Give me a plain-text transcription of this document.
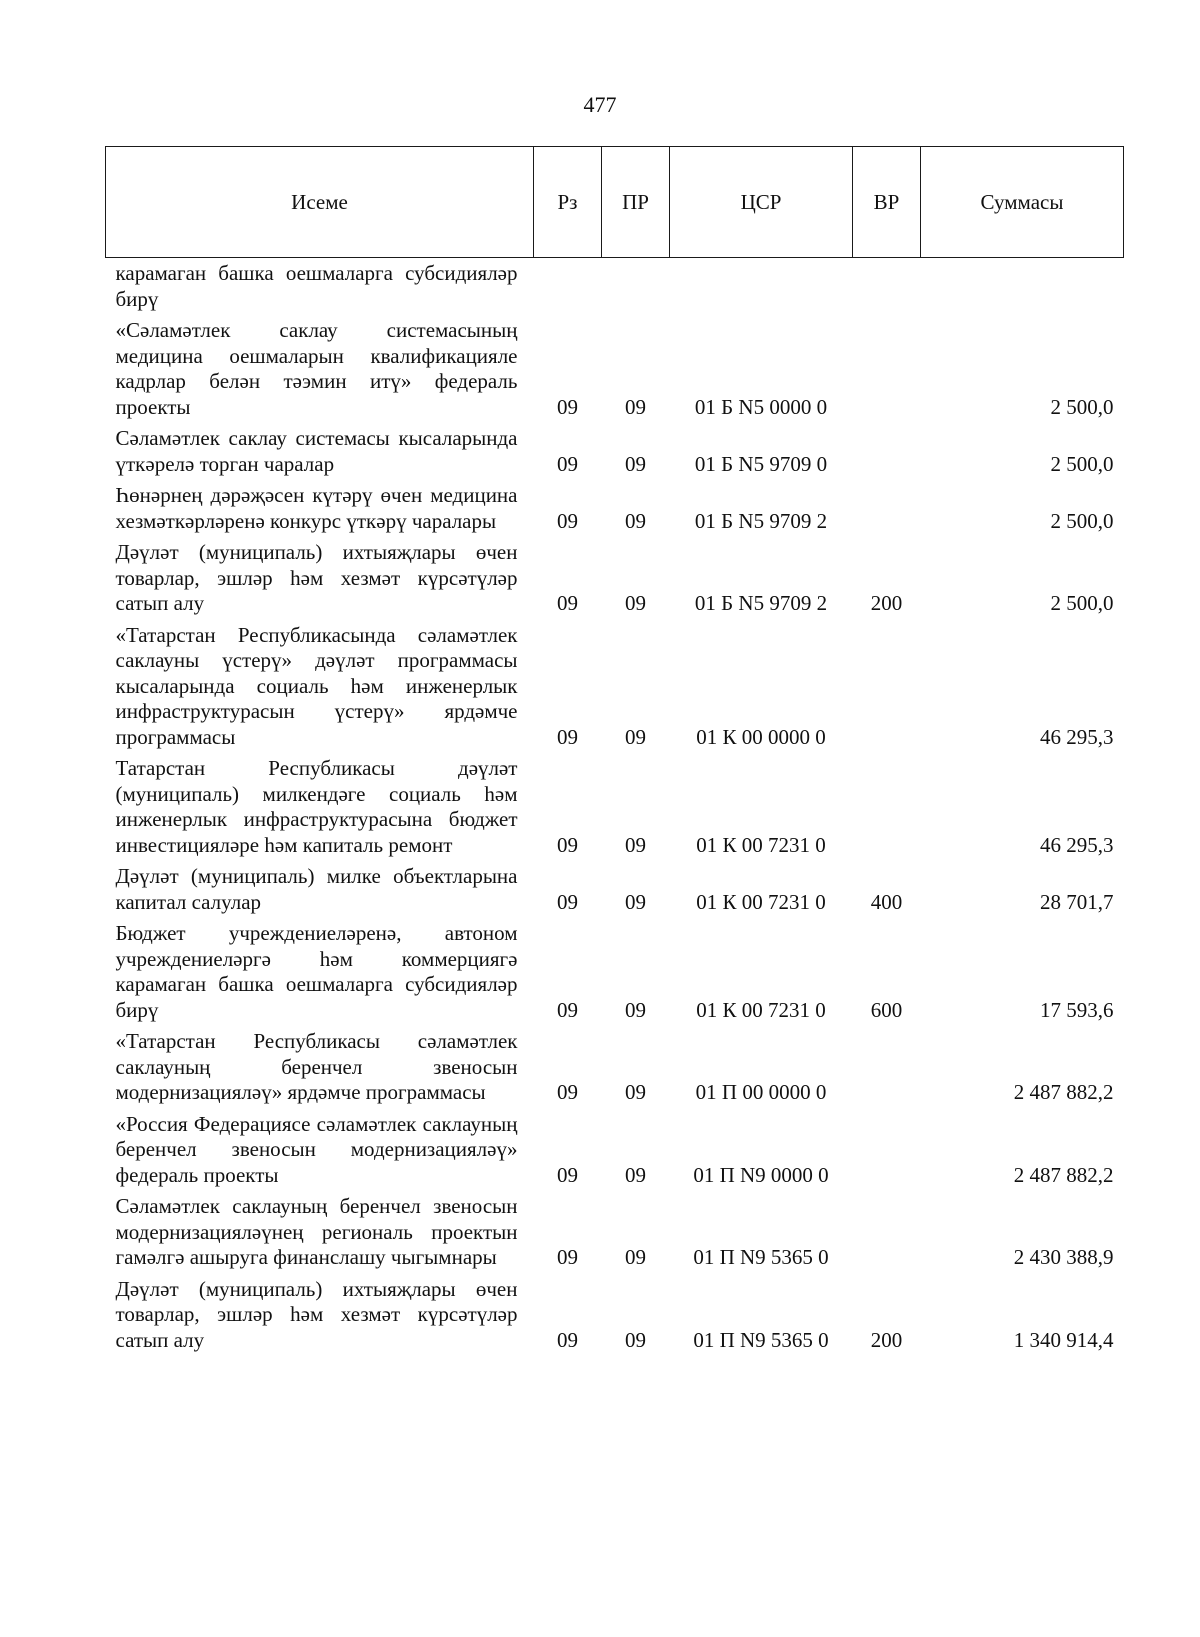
477
Исеме	Рз	ПР	ЦСР	ВР	Суммасы
карамаган башка оешмаларга субсидияләр бирү					
«Сәламәтлек саклау системасының медицина оешмаларын квалификацияле кадрлар белән тәэмин итү» федераль проекты	09	09	01 Б N5 0000 0		2 500,0
Сәламәтлек саклау системасы кысаларында үткәрелә торган чаралар	09	09	01 Б N5 9709 0		2 500,0
Һөнәрнең дәрәҗәсен күтәрү өчен медицина хезмәткәрләренә конкурс үткәрү чаралары	09	09	01 Б N5 9709 2		2 500,0
Дәүләт (муниципаль) ихтыяҗлары өчен товарлар, эшләр һәм хезмәт күрсәтүләр сатып алу	09	09	01 Б N5 9709 2	200	2 500,0
«Татарстан Республикасында сәламәтлек саклауны үстерү» дәүләт программасы кысаларында социаль һәм инженерлык инфраструктурасын үстерү» ярдәмче программасы	09	09	01 К 00 0000 0		46 295,3
Татарстан Республикасы дәүләт (муниципаль) милкендәге социаль һәм инженерлык инфраструктурасына бюджет инвестицияләре һәм капиталь ремонт	09	09	01 К 00 7231 0		46 295,3
Дәүләт (муниципаль) милке объектларына капитал салулар	09	09	01 К 00 7231 0	400	28 701,7
Бюджет учреждениеләренә, автоном учреждениеләргә һәм коммерциягә карамаган башка оешмаларга субсидияләр бирү	09	09	01 К 00 7231 0	600	17 593,6
«Татарстан Республикасы сәламәтлек саклауның беренчел звеносын модернизацияләү» ярдәмче программасы	09	09	01 П 00 0000 0		2 487 882,2
«Россия Федерациясе сәламәтлек саклауның беренчел звеносын модернизацияләү» федераль проекты	09	09	01 П N9 0000 0		2 487 882,2
Сәламәтлек саклауның беренчел звеносын модернизацияләүнең региональ проектын гамәлгә ашыруга финанслашу чыгымнары	09	09	01 П N9 5365 0		2 430 388,9
Дәүләт (муниципаль) ихтыяҗлары өчен товарлар, эшләр һәм хезмәт күрсәтүләр сатып алу	09	09	01 П N9 5365 0	200	1 340 914,4
